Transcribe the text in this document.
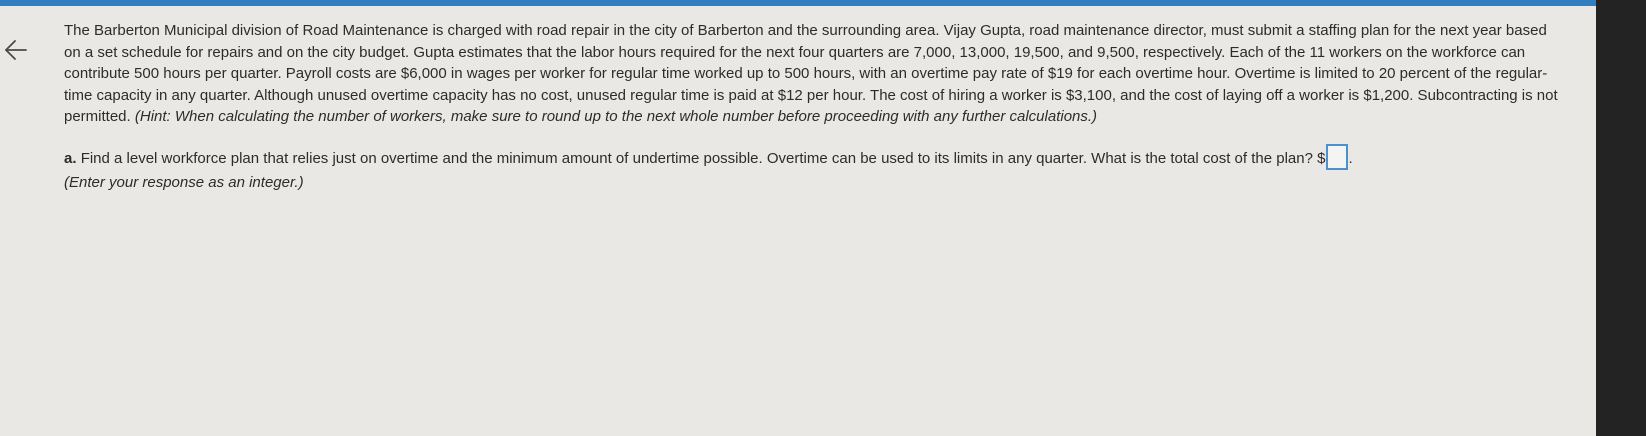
The Barberton Municipal division of Road Maintenance is charged with road repair in the city of Barberton and the surrounding area. Vijay Gupta, road maintenance director, must submit a staffing plan for the next year based on a set schedule for repairs and on the city budget. Gupta estimates that the labor hours required for the next four quarters are 7,000, 13,000, 19,500, and 9,500, respectively. Each of the 11 workers on the workforce can contribute 500 hours per quarter. Payroll costs are $6,000 in wages per worker for regular time worked up to 500 hours, with an overtime pay rate of $19 for each overtime hour. Overtime is limited to 20 percent of the regular-time capacity in any quarter. Although unused overtime capacity has no cost, unused regular time is paid at $12 per hour. The cost of hiring a worker is $3,100, and the cost of laying off a worker is $1,200. Subcontracting is not permitted. (Hint: When calculating the number of workers, make sure to round up to the next whole number before proceeding with any further calculations.)

a. Find a level workforce plan that relies just on overtime and the minimum amount of undertime possible. Overtime can be used to its limits in any quarter. What is the total cost of the plan? $ .
(Enter your response as an integer.)
